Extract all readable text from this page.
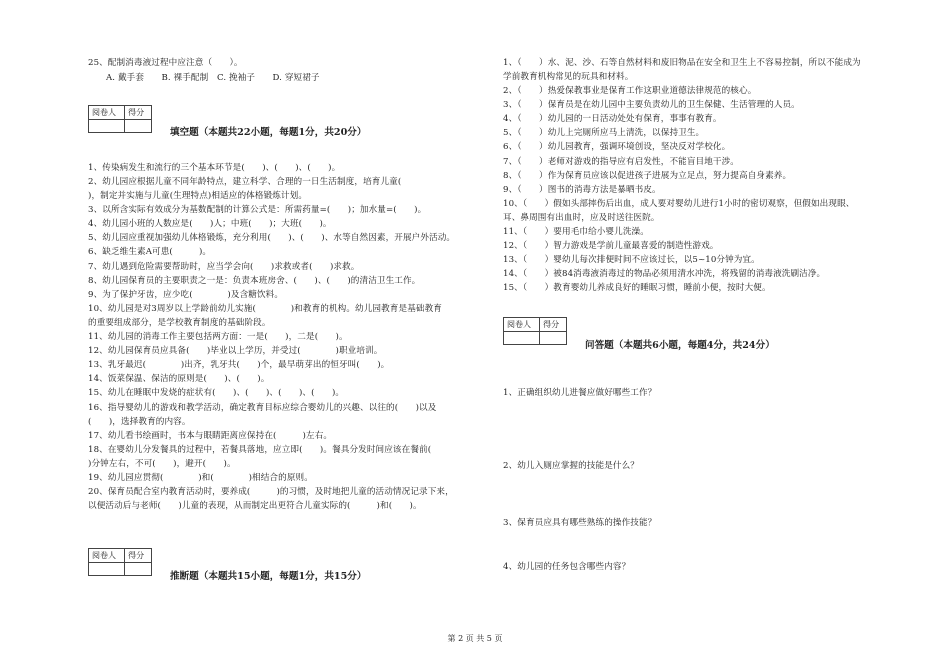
25、配制消毒液过程中应注意（　　）。
A. 戴手套　　B. 裸手配制　C. 挽袖子　　D. 穿短裙子
阅卷人	得分

填空题（本题共22小题，每题1分，共20分）
1、传染病发生和流行的三个基本环节是(　　)、(　　)、(　　)。
2、幼儿园应根据儿童不同年龄特点，建立科学、合理的一日生活制度，培育儿童(　　
)，制定并实施与儿童(生理特点)相适应的体格锻炼计划。
3、以所含实际有效成分为基数配制的计算公式是：所需药量=(　　)；加水量=(　　)。
4、幼儿园小班的人数应是(　　)人；中班(　　)；大班(　　)。
5、幼儿园应重视加强幼儿体格锻炼，充分利用(　　)、(　　)、水等自然因素，开展户外活动。
6、缺乏维生素A可患(　　　)。
7、幼儿遇到危险需要帮助时，应当学会向(　　)求救或者(　　)求救。
8、幼儿园保育员的主要职责之一是：负责本班房舍、(　　)、(　　)的清洁卫生工作。
9、为了保护牙齿，应少吃(　　　　)及含糖饮料。
10、幼儿园是对3周岁以上学龄前幼儿实施(　　　　)和教育的机构。幼儿园教育是基础教育
的重要组成部分，是学校教育制度的基础阶段。
11、幼儿园的消毒工作主要包括两方面：一是(　　)，二是(　　)。
12、幼儿园保育员应具备(　　)毕业以上学历，并受过(　　　　)职业培训。
13、乳牙最迟(　　　　)出齐，乳牙共(　　)个，最早萌芽出的恒牙叫(　　)。
14、饭菜保温、保洁的原则是(　　)、(　　)。
15、幼儿在睡眠中发烧的症状有(　　)、(　　)、(　　)、(　　)。
16、指导婴幼儿的游戏和教学活动，确定教育目标应综合婴幼儿的兴趣、以往的(　　)以及
(　　)，选择教育的内容。
17、幼儿看书绘画时，书本与眼睛距离应保持在(　　　)左右。
18、在婴幼儿分发餐具的过程中，若餐具落地，应立即(　　)。餐具分发时间应该在餐前(　　
)分钟左右，不可(　　)，避开(　　)。
19、幼儿园应贯彻(　　　　)和(　　　　)相结合的原则。
20、保育员配合室内教育活动时，要养成(　　　)的习惯，及时地把儿童的活动情况记录下来，
以便活动后与老师(　　)儿童的表现，从而制定出更符合儿童实际的(　　　)和(　　)。
阅卷人	得分

推断题（本题共15小题，每题1分，共15分）
1、（　　）水、泥、沙、石等自然材料和废旧物品在安全和卫生上不容易控制，所以不能成为
学前教育机构常见的玩具和材料。
2、（　　）热爱保教事业是保育工作这职业道德法律规范的核心。
3、（　　）保育员是在幼儿园中主要负责幼儿的卫生保健、生活管理的人员。
4、（　　）幼儿园的一日活动处处有保育，事事有教育。
5、（　　）幼儿上完厕所应马上清洗，以保持卫生。
6、（　　）幼儿园教育，强调环境创设，坚决反对学校化。
7、（　　）老师对游戏的指导应有启发性，不能盲目地干涉。
8、（　　）作为保育员应该以促进孩子进展为立足点，努力提高自身素养。
9、（　　）图书的消毒方法是暴晒书皮。
10、（　　）假如头部摔伤后出血，成人要对婴幼儿进行1小时的密切观察，但假如出现眼、
耳、鼻周围有出血时，应及时送往医院。
11、（　　）要用毛巾给小婴儿洗澡。
12、（　　）智力游戏是学前儿童最喜爱的制造性游戏。
13、（　　）婴幼儿每次排便时间不应该过长，以5~10分钟为宜。
14、（　　）被84消毒液消毒过的物品必须用清水冲洗，将残留的消毒液洗刷洁净。
15、（　　）教育婴幼儿养成良好的睡眠习惯，睡前小便，按时大便。
阅卷人	得分

问答题（本题共6小题，每题4分，共24分）
1、正确组织幼儿进餐应做好哪些工作？
2、幼儿入厕应掌握的技能是什么？
3、保育员应具有哪些熟练的操作技能？
4、幼儿园的任务包含哪些内容？
第 2 页 共 5 页
